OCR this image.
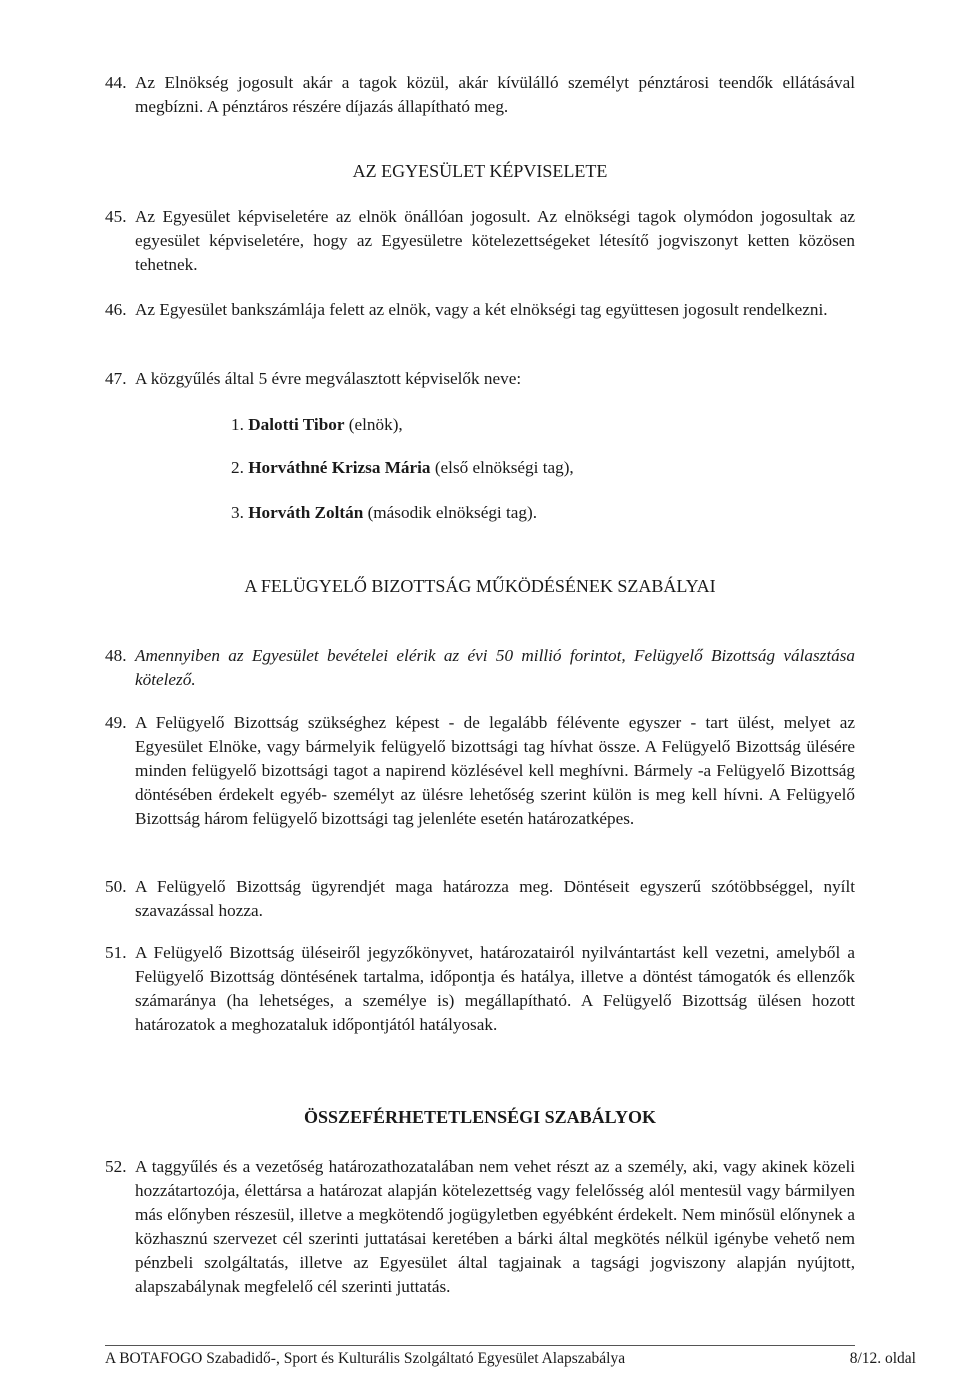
44. Az Elnökség jogosult akár a tagok közül, akár kívülálló személyt pénztárosi teendők ellátásával megbízni. A pénztáros részére díjazás állapítható meg.
AZ EGYESÜLET KÉPVISELETE
45. Az Egyesület képviseletére az elnök önállóan jogosult. Az elnökségi tagok olymódon jogosultak az egyesület képviseletére, hogy az Egyesületre kötelezettségeket létesítő jogviszonyt ketten közösen tehetnek.
46. Az Egyesület bankszámlája felett az elnök, vagy a két elnökségi tag együttesen jogosult rendelkezni.
47. A közgyűlés által 5 évre megválasztott képviselők neve:
1. Dalotti Tibor (elnök),
2. Horváthné Krizsa Mária (első elnökségi tag),
3. Horváth Zoltán (második elnökségi tag).
A FELÜGYELŐ BIZOTTSÁG MŰKÖDÉSÉNEK SZABÁLYAI
48. Amennyiben az Egyesület bevételei elérik az évi 50 millió forintot, Felügyelő Bizottság választása kötelező.
49. A Felügyelő Bizottság szükséghez képest - de legalább félévente egyszer - tart ülést, melyet az Egyesület Elnöke, vagy bármelyik felügyelő bizottsági tag hívhat össze. A Felügyelő Bizottság ülésére minden felügyelő bizottsági tagot a napirend közlésével kell meghívni. Bármely -a Felügyelő Bizottság döntésében érdekelt egyéb- személyt az ülésre lehetőség szerint külön is meg kell hívni. A Felügyelő Bizottság három felügyelő bizottsági tag jelenléte esetén határozatképes.
50. A Felügyelő Bizottság ügyrendjét maga határozza meg. Döntéseit egyszerű szótöbbséggel, nyílt szavazással hozza.
51. A Felügyelő Bizottság üléseiről jegyzőkönyvet, határozatairól nyilvántartást kell vezetni, amelyből a Felügyelő Bizottság döntésének tartalma, időpontja és hatálya, illetve a döntést támogatók és ellenzők számaránya (ha lehetséges, a személye is) megállapítható. A Felügyelő Bizottság ülésen hozott határozatok a meghozataluk időpontjától hatályosak.
ÖSSZEFÉRHETETLENSÉGI SZABÁLYOK
52. A taggyűlés és a vezetőség határozathozatalában nem vehet részt az a személy, aki, vagy akinek közeli hozzátartozója, élettársa a határozat alapján kötelezettség vagy felelősség alól mentesül vagy bármilyen más előnyben részesül, illetve a megkötendő jogügyletben egyébként érdekelt. Nem minősül előnynek a közhasznú szervezet cél szerinti juttatásai keretében a bárki által megkötés nélkül igénybe vehető nem pénzbeli szolgáltatás, illetve az Egyesület által tagjainak a tagsági jogviszony alapján nyújtott, alapszabálynak megfelelő cél szerinti juttatás.
A BOTAFOGO Szabadidő-, Sport és Kulturális Szolgáltató Egyesület Alapszabálya	8/12. oldal
